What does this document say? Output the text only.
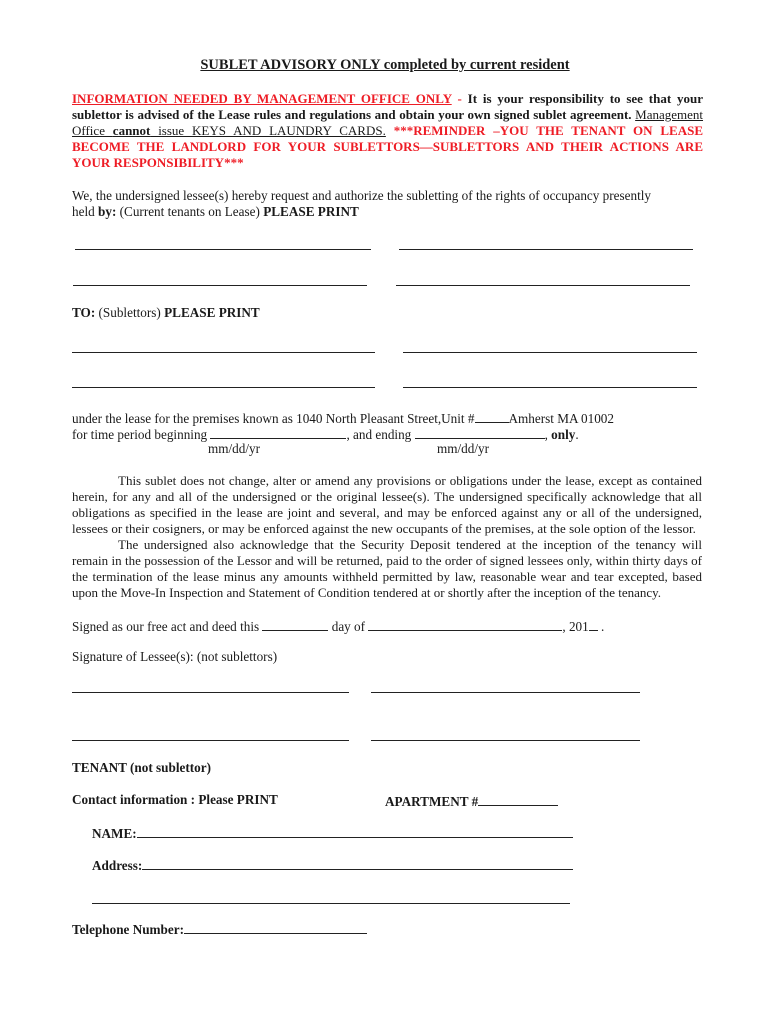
SUBLET ADVISORY ONLY completed by current resident
INFORMATION NEEDED BY MANAGEMENT OFFICE ONLY - It is your responsibility to see that your sublettor is advised of the Lease rules and regulations and obtain your own signed sublet agreement. Management Office cannot issue KEYS AND LAUNDRY CARDS. ***REMINDER –YOU THE TENANT ON LEASE BECOME THE LANDLORD FOR YOUR SUBLETTORS—SUBLETTORS AND THEIR ACTIONS ARE YOUR RESPONSIBILITY***
We, the undersigned lessee(s) hereby request and authorize the subletting of the rights of occupancy presently
held by: (Current tenants on Lease) PLEASE PRINT
TO: (Sublettors) PLEASE PRINT
under the lease for the premises known as 1040 North Pleasant Street,Unit #	Amherst MA 01002
for time period beginning	, and ending	, only.
mm/dd/yr	mm/dd/yr
This sublet does not change, alter or amend any provisions or obligations under the lease, except as contained herein, for any and all of the undersigned or the original lessee(s). The undersigned specifically acknowledge that all obligations as specified in the lease are joint and several, and may be enforced against any or all of the undersigned, lessees or their cosigners, or may be enforced against the new occupants of the premises, at the sole option of the lessor.
The undersigned also acknowledge that the Security Deposit tendered at the inception of the tenancy will remain in the possession of the Lessor and will be returned, paid to the order of signed lessees only, within thirty days of the termination of the lease minus any amounts withheld permitted by law, reasonable wear and tear excepted, based upon the Move-In Inspection and Statement of Condition tendered at or shortly after the inception of the tenancy.
Signed as our free act and deed this	day of	, 201 .
Signature of Lessee(s): (not sublettors)
TENANT (not sublettor)
Contact information : Please PRINT	APARTMENT #
NAME:
Address:
Telephone Number:
